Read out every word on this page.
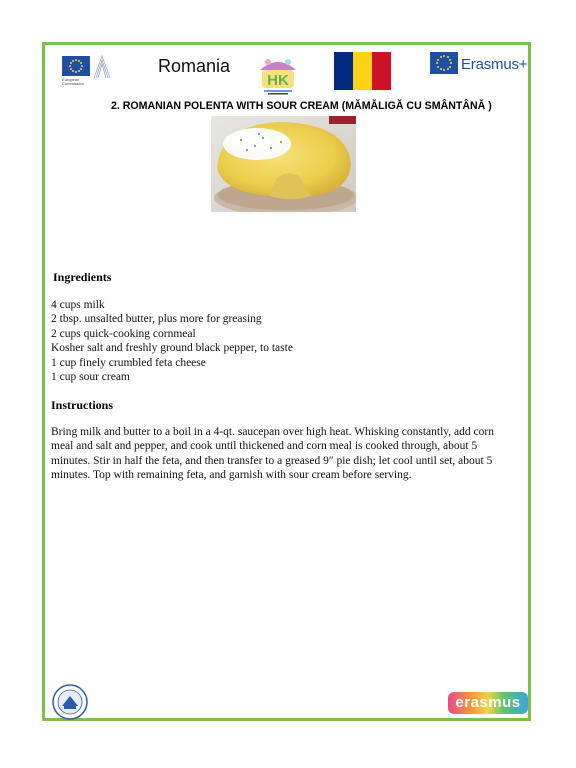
European
Commission
Romania
HK
Erasmus+
2. ROMANIAN POLENTA WITH SOUR CREAM (MĂMĂLIGĂ CU SMÂNTÂNĂ )
Ingredients
4 cups milk
2 tbsp. unsalted butter, plus more for greasing
2 cups quick-cooking cornmeal
Kosher salt and freshly ground black pepper, to taste
1 cup finely crumbled feta cheese
1 cup sour cream
Instructions

Bring milk and butter to a boil in a 4-qt. saucepan over high heat. Whisking constantly, add corn meal and salt and pepper, and cook until thickened and corn meal is cooked through, about 5 minutes. Stir in half the feta, and then transfer to a greased 9″ pie dish; let cool until set, about 5 minutes. Top with remaining feta, and garnish with sour cream before serving.

erasmus
